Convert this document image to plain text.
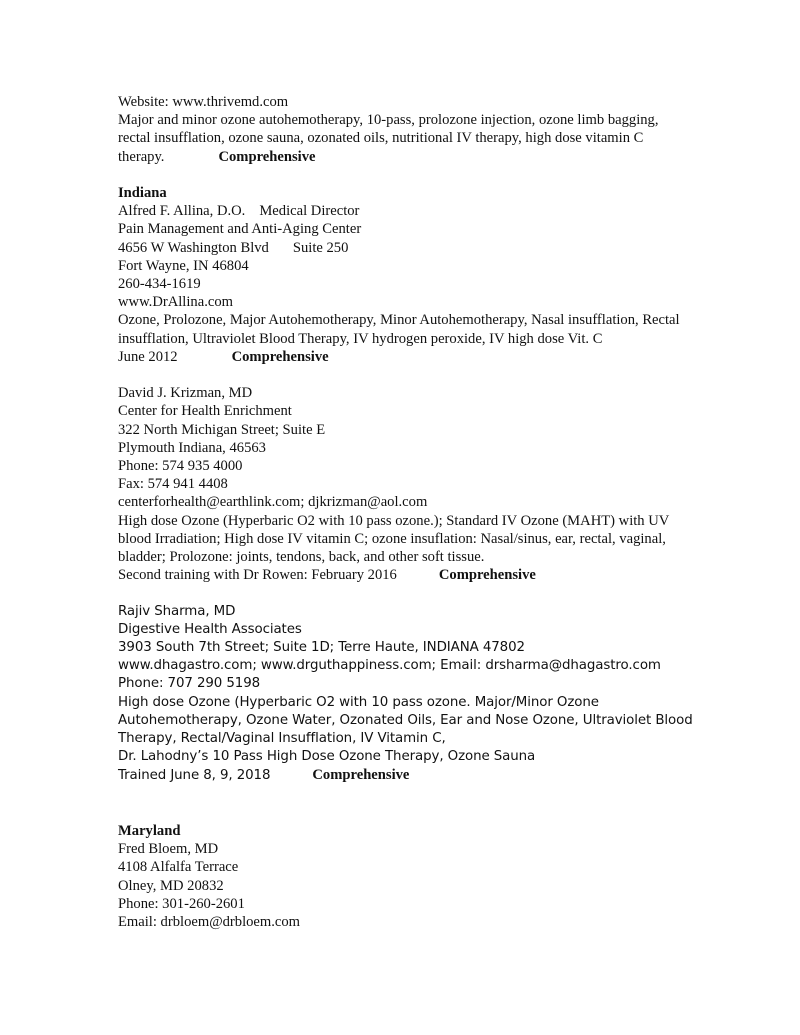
Website: www.thrivemd.com
Major and minor ozone autohemotherapy, 10-pass, prolozone injection, ozone limb bagging,
rectal insufflation, ozone sauna, ozonated oils, nutritional IV therapy, high dose vitamin C
therapy.	Comprehensive
Indiana
Alfred F. Allina, D.O. Medical Director
Pain Management and Anti-Aging Center
4656 W Washington Blvd Suite 250
Fort Wayne, IN 46804
260-434-1619
www.DrAllina.com
Ozone, Prolozone, Major Autohemotherapy, Minor Autohemotherapy, Nasal insufflation, Rectal
insufflation, Ultraviolet Blood Therapy, IV hydrogen peroxide, IV high dose Vit. C
June 2012	Comprehensive
David J. Krizman, MD
Center for Health Enrichment
322 North Michigan Street; Suite E
Plymouth Indiana, 46563
Phone: 574 935 4000
Fax: 574 941 4408
centerforhealth@earthlink.com; djkrizman@aol.com
High dose Ozone (Hyperbaric O2 with 10 pass ozone.); Standard IV Ozone (MAHT) with UV
blood Irradiation; High dose IV vitamin C; ozone insuflation: Nasal/sinus, ear, rectal, vaginal,
bladder; Prolozone: joints, tendons, back, and other soft tissue.
Second training with Dr Rowen: February 2016	Comprehensive
Rajiv Sharma, MD
Digestive Health Associates
3903 South 7th Street; Suite 1D; Terre Haute, INDIANA 47802
www.dhagastro.com; www.drguthappiness.com; Email: drsharma@dhagastro.com
Phone: 707 290 5198
High dose Ozone (Hyperbaric O2 with 10 pass ozone. Major/Minor Ozone
Autohemotherapy, Ozone Water, Ozonated Oils, Ear and Nose Ozone, Ultraviolet Blood
Therapy, Rectal/Vaginal Insufflation, IV Vitamin C,
Dr. Lahodny’s 10 Pass High Dose Ozone Therapy, Ozone Sauna
Trained June 8, 9, 2018	Comprehensive
Maryland
Fred Bloem, MD
4108 Alfalfa Terrace
Olney, MD 20832
Phone: 301-260-2601
Email: drbloem@drbloem.com
